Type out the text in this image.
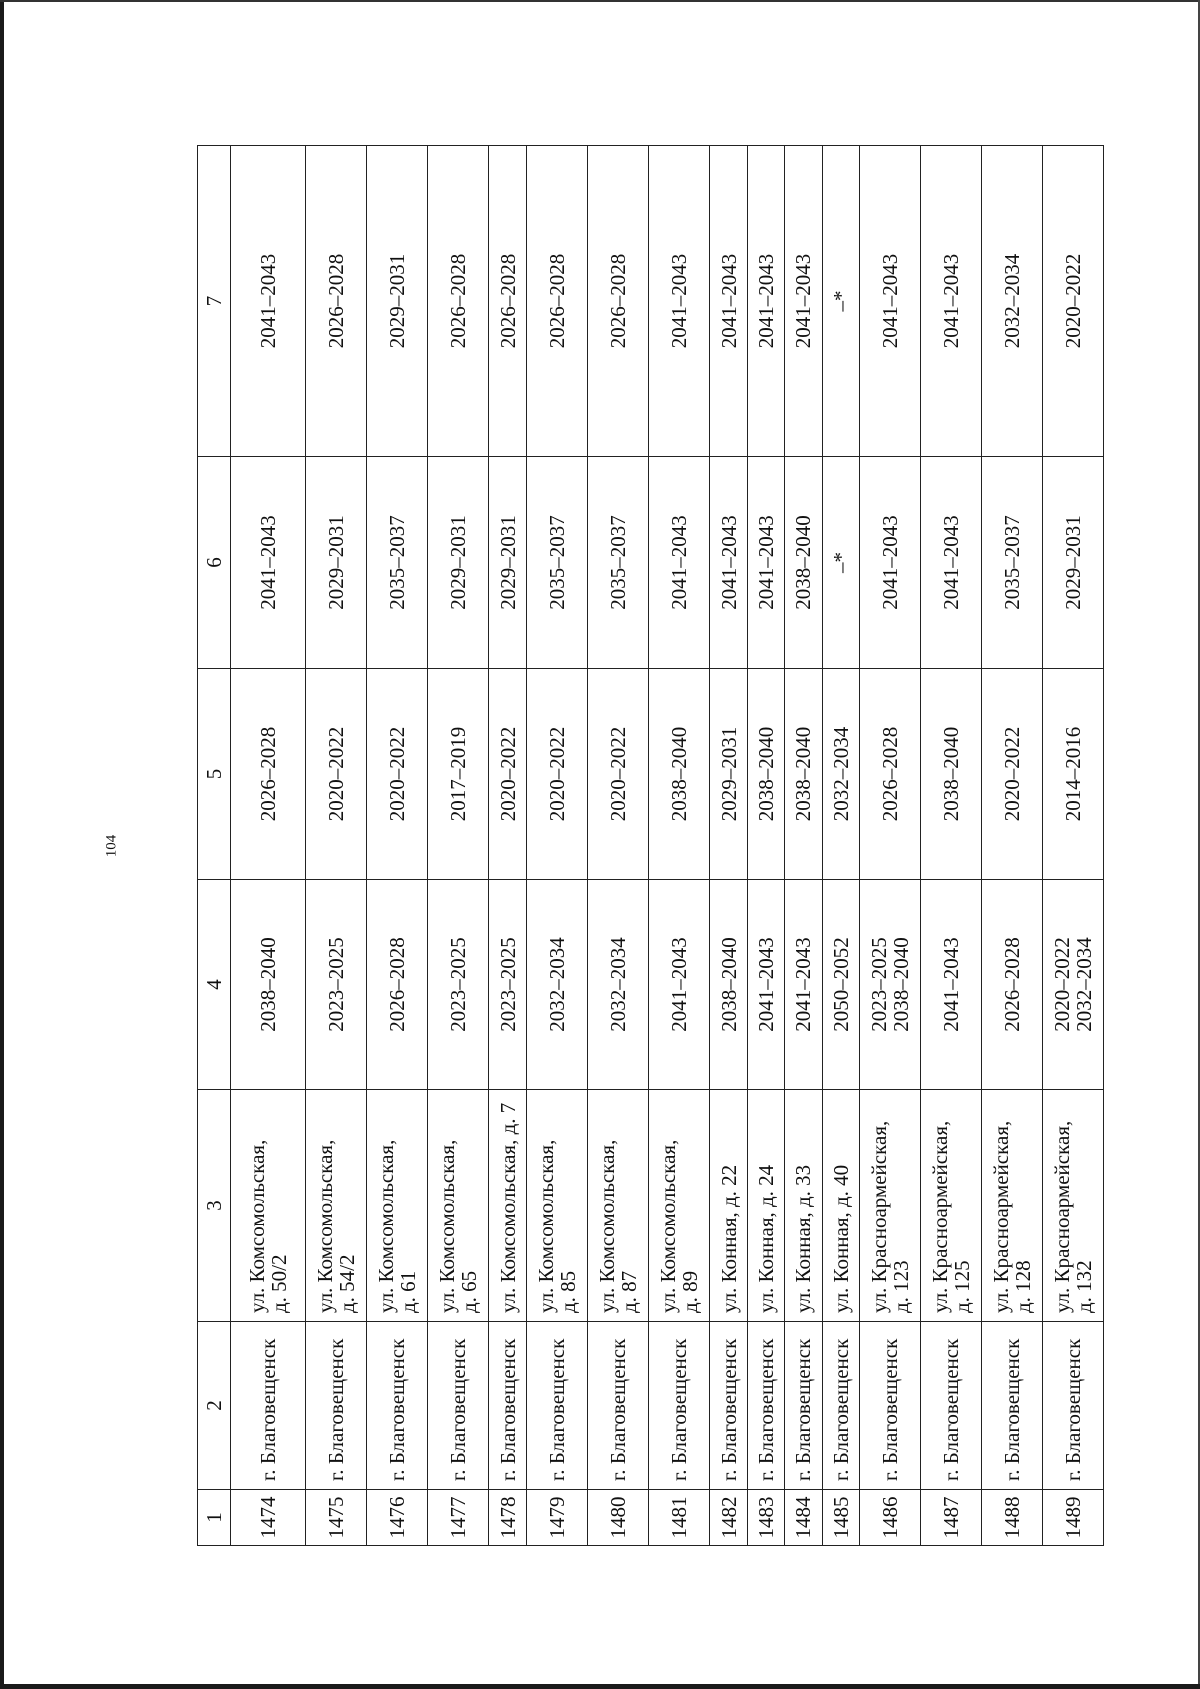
104
1	2	3	4	5	6	7
1474	г. Благовещенск	ул. Комсомольская,
д. 50/2	2038–2040	2026–2028	2041–2043	2041–2043
1475	г. Благовещенск	ул. Комсомольская,
д. 54/2	2023–2025	2020–2022	2029–2031	2026–2028
1476	г. Благовещенск	ул. Комсомольская,
д. 61	2026–2028	2020–2022	2035–2037	2029–2031
1477	г. Благовещенск	ул. Комсомольская,
д. 65	2023–2025	2017–2019	2029–2031	2026–2028
1478	г. Благовещенск	ул. Комсомольская, д. 7	2023–2025	2020–2022	2029–2031	2026–2028
1479	г. Благовещенск	ул. Комсомольская,
д. 85	2032–2034	2020–2022	2035–2037	2026–2028
1480	г. Благовещенск	ул. Комсомольская,
д. 87	2032–2034	2020–2022	2035–2037	2026–2028
1481	г. Благовещенск	ул. Комсомольская,
д. 89	2041–2043	2038–2040	2041–2043	2041–2043
1482	г. Благовещенск	ул. Конная, д. 22	2038–2040	2029–2031	2041–2043	2041–2043
1483	г. Благовещенск	ул. Конная, д. 24	2041–2043	2038–2040	2041–2043	2041–2043
1484	г. Благовещенск	ул. Конная, д. 33	2041–2043	2038–2040	2038–2040	2041–2043
1485	г. Благовещенск	ул. Конная, д. 40	2050–2052	2032–2034	–*	–*
1486	г. Благовещенск	ул. Красноармейская,
д. 123	2023–2025
2038–2040	2026–2028	2041–2043	2041–2043
1487	г. Благовещенск	ул. Красноармейская,
д. 125	2041–2043	2038–2040	2041–2043	2041–2043
1488	г. Благовещенск	ул. Красноармейская,
д. 128	2026–2028	2020–2022	2035–2037	2032–2034
1489	г. Благовещенск	ул. Красноармейская,
д. 132	2020–2022
2032–2034	2014–2016	2029–2031	2020–2022
